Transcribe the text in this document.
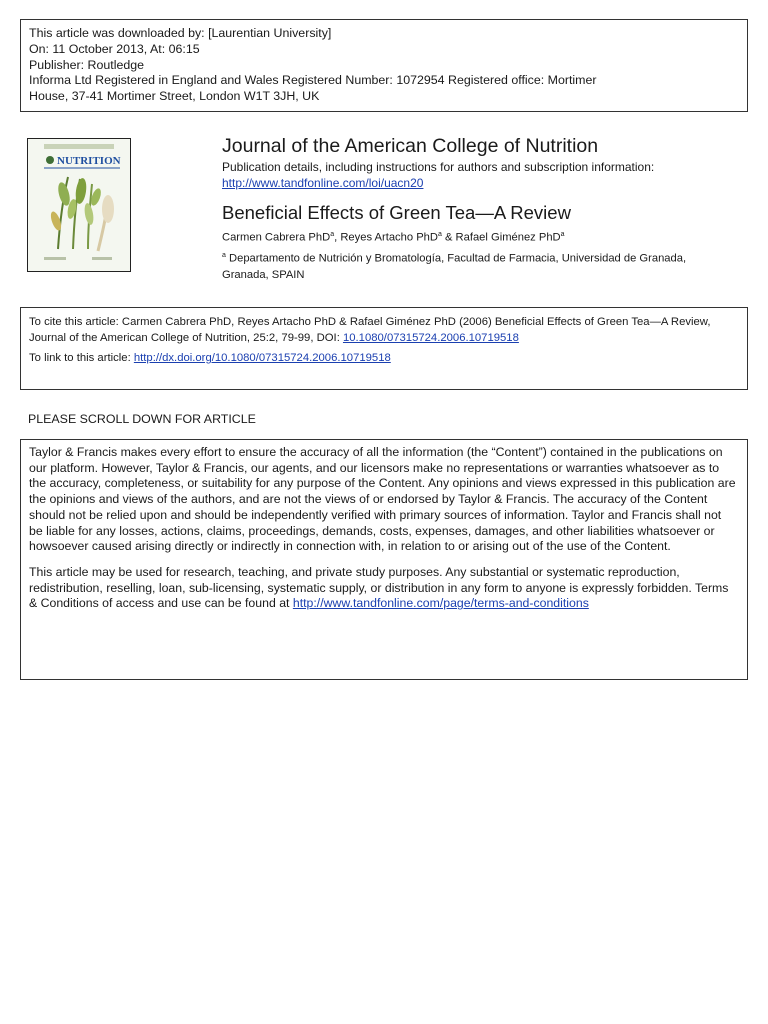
This article was downloaded by: [Laurentian University]
On: 11 October 2013, At: 06:15
Publisher: Routledge
Informa Ltd Registered in England and Wales Registered Number: 1072954 Registered office: Mortimer
House, 37-41 Mortimer Street, London W1T 3JH, UK
NUTRITION
Journal of the American College of Nutrition
Publication details, including instructions for authors and subscription information:
http://www.tandfonline.com/loi/uacn20
Beneficial Effects of Green Tea—A Review
Carmen Cabrera PhD$^a$, Reyes Artacho PhD$^a$ & Rafael Giménez PhD$^a$
$^a$ Departamento de Nutrición y Bromatología, Facultad de Farmacia, Universidad de Granada, Granada, SPAIN

To cite this article: Carmen Cabrera PhD, Reyes Artacho PhD & Rafael Giménez PhD (2006) Beneficial Effects of Green Tea—A Review, Journal of the American College of Nutrition, 25:2, 79-99, DOI: 10.1080/07315724.2006.10719518

To link to this article: http://dx.doi.org/10.1080/07315724.2006.10719518

PLEASE SCROLL DOWN FOR ARTICLE

Taylor & Francis makes every effort to ensure the accuracy of all the information (the “Content”) contained in the publications on our platform. However, Taylor & Francis, our agents, and our licensors make no representations or warranties whatsoever as to the accuracy, completeness, or suitability for any purpose of the Content. Any opinions and views expressed in this publication are the opinions and views of the authors, and are not the views of or endorsed by Taylor & Francis. The accuracy of the Content should not be relied upon and should be independently verified with primary sources of information. Taylor and Francis shall not be liable for any losses, actions, claims, proceedings, demands, costs, expenses, damages, and other liabilities whatsoever or howsoever caused arising directly or indirectly in connection with, in relation to or arising out of the use of the Content.

This article may be used for research, teaching, and private study purposes. Any substantial or systematic reproduction, redistribution, reselling, loan, sub-licensing, systematic supply, or distribution in any form to anyone is expressly forbidden. Terms & Conditions of access and use can be found at http://www.tandfonline.com/page/terms-and-conditions
